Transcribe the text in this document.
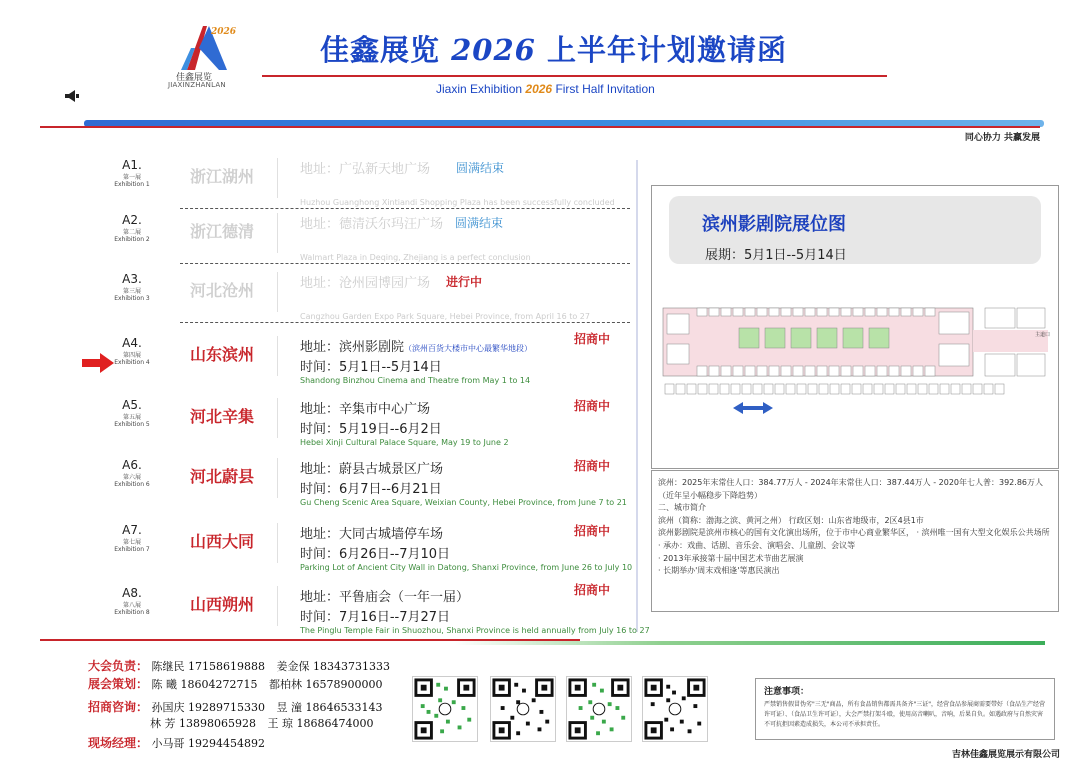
2026
佳鑫展览
JIAXINZHANLAN
佳鑫展览 2026 上半年计划邀请函
Jiaxin Exhibition 2026 First Half Invitation
同心协力 共赢发展
A1.
第一展
Exhibition 1	浙江湖州	地址：广弘新天地广场
Huzhou Guanghong Xintiandi Shopping Plaza has been successfully concluded
圆满结束
A2.
第二展
Exhibition 2	浙江德清	地址：德清沃尔玛汪广场
Walmart Plaza in Deqing, Zhejiang is a perfect conclusion
圆满结束
A3.
第三展
Exhibition 3	河北沧州	地址：沧州园博园广场
Cangzhou Garden Expo Park Square, Hebei Province, from April 16 to 27
进行中
A4.
第四展
Exhibition 4	山东滨州	地址：滨州影剧院（滨州百货大楼市中心最繁华地段）
时间：5月1日--5月14日
Shandong Binzhou Cinema and Theatre from May 1 to 14
招商中
A5.
第五展
Exhibition 5	河北辛集	地址：辛集市中心广场
时间：5月19日--6月2日
Hebei Xinji Cultural Palace Square, May 19 to June 2
招商中
A6.
第六展
Exhibition 6	河北蔚县	地址：蔚县古城景区广场
时间：6月7日--6月21日
Gu Cheng Scenic Area Square, Weixian County, Hebei Province, from June 7 to 21
招商中
A7.
第七展
Exhibition 7	山西大同	地址：大同古城墙停车场
时间：6月26日--7月10日
Parking Lot of Ancient City Wall in Datong, Shanxi Province, from June 26 to July 10
招商中
A8.
第八展
Exhibition 8	山西朔州	地址：平鲁庙会（一年一届）
时间：7月16日--7月27日
The Pinglu Temple Fair in Shuozhou, Shanxi Province is held annually from July 16 to 27
招商中
滨州影剧院展位图
展期：5月1日--5月14日
主道口

滨州：2025年末常住人口：384.77万人 - 2024年末常住人口：387.44万人 - 2020年七人普：392.86万人（近年呈小幅稳步下降趋势）

二、城市简介

滨州（简称：渤海之滨、黄河之州） 行政区划：山东省地级市，2区4县1市

滨州影剧院是滨州市核心的国有文化演出场所，位于市中心商业繁华区， · 滨州唯一国有大型文化娱乐公共场所

· 承办：戏曲、话剧、音乐会、演唱会、儿童剧、会议等

· 2013年承接第十届中国艺术节曲艺展演

· 长期举办'周末戏相逢'等惠民演出

大会负责： 陈继民 17158619888 姜金保 18343731333
展会策划： 陈 曦 18604272715 都柏林 16578900000
招商咨询： 孙国庆 19289715330 昱 潼 18646533143
林 芳 13898065928 王 琼 18686474000
现场经理： 小马哥 19294454892
注意事项：
严禁销售假冒伪劣"三无"商品，所有食品销售都需具备齐"三证"，经营食品参展商需要带好（食品生产经营许可证）、（食品卫生许可证），大会严禁打架斗殴，使用高音喇叭，音响，后果自负。如遇政府与自然灾害不可抗拒因素造成损失，本公司不承担责任。
吉林佳鑫展览展示有限公司
